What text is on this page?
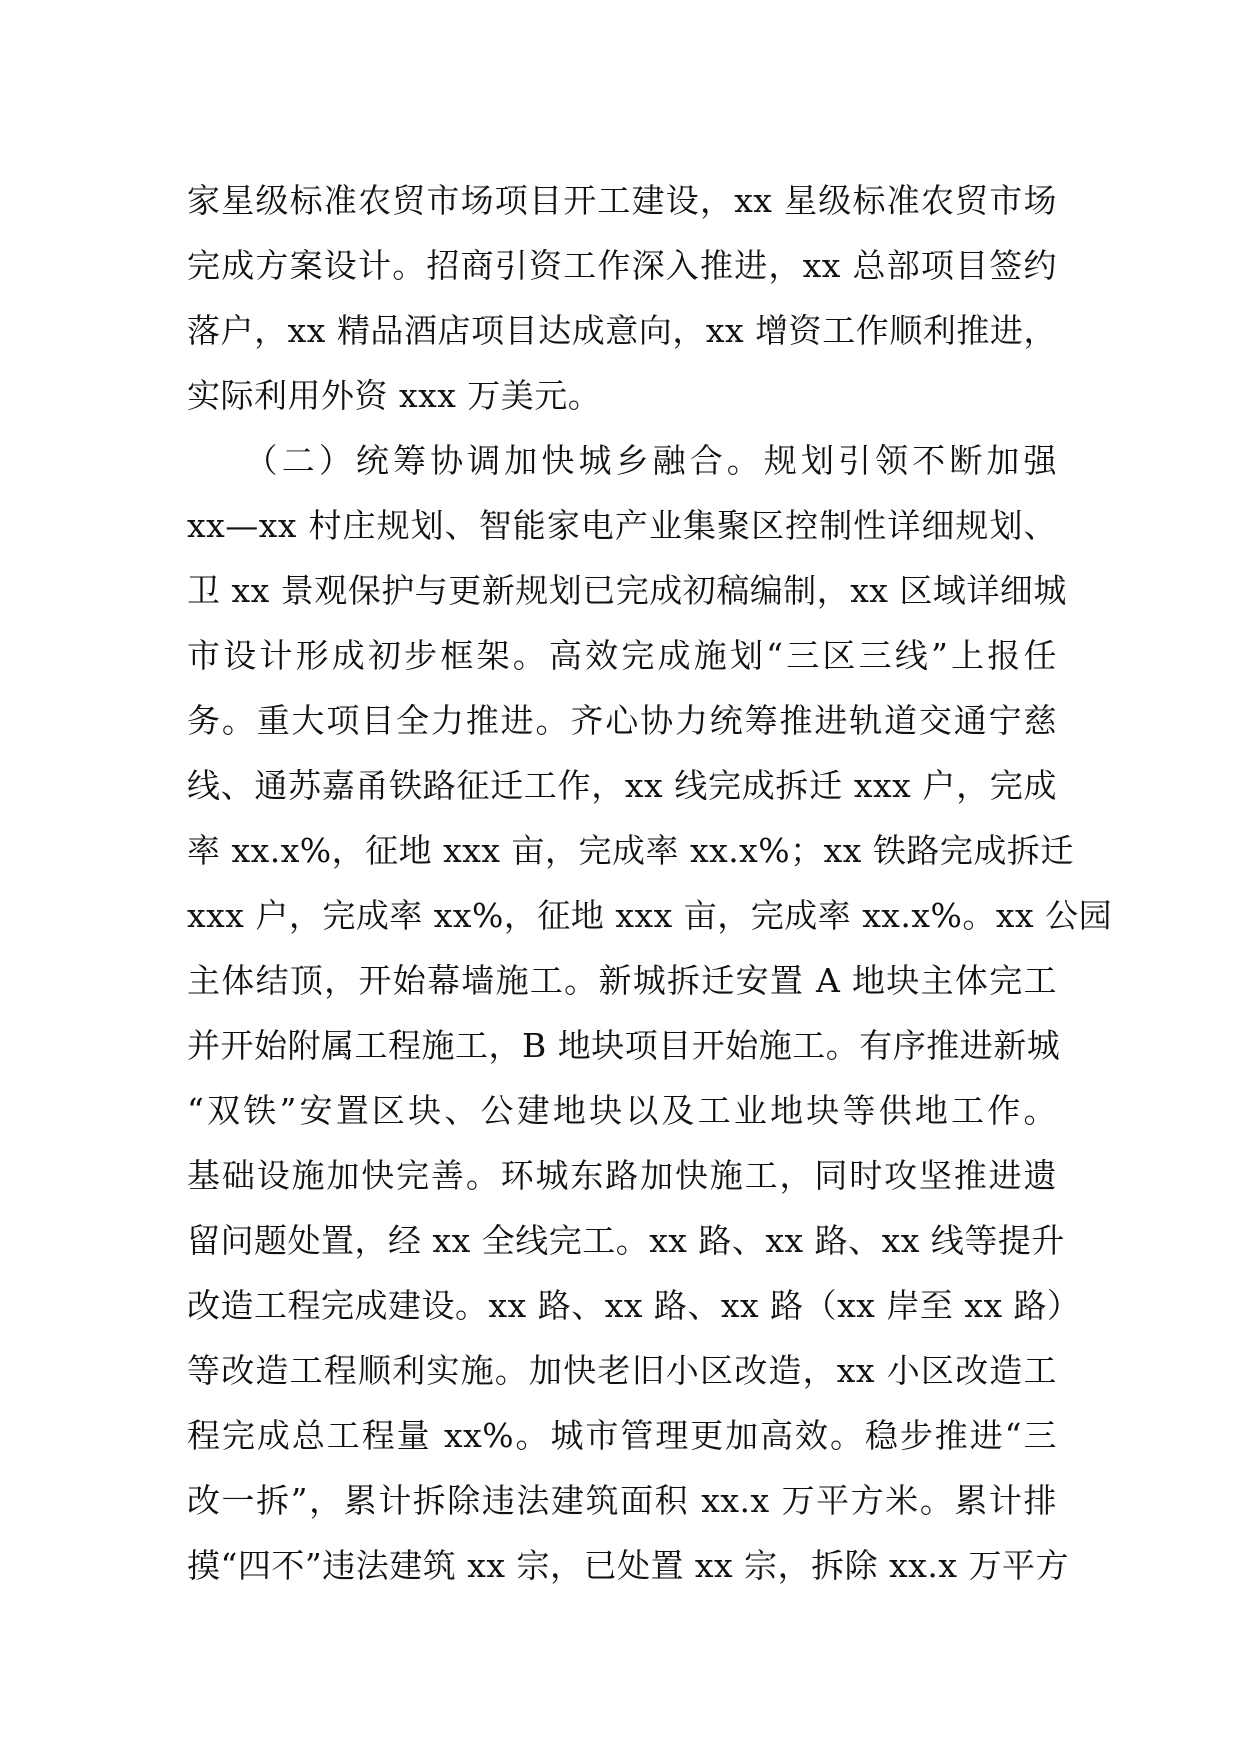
家星级标准农贸市场项目开工建设，xx 星级标准农贸市场
完成方案设计。招商引资工作深入推进，xx 总部项目签约
落户，xx 精品酒店项目达成意向，xx 增资工作顺利推进，
实际利用外资 xxx 万美元。
　　（二）统筹协调加快城乡融合。规划引领不断加强
xx—xx 村庄规划、智能家电产业集聚区控制性详细规划、
卫 xx 景观保护与更新规划已完成初稿编制，xx 区域详细城
市设计形成初步框架。高效完成施划“三区三线”上报任
务。重大项目全力推进。齐心协力统筹推进轨道交通宁慈
线、通苏嘉甬铁路征迁工作，xx 线完成拆迁 xxx 户，完成
率 xx.x%，征地 xxx 亩，完成率 xx.x%；xx 铁路完成拆迁
xxx 户，完成率 xx%，征地 xxx 亩，完成率 xx.x%。xx 公园
主体结顶，开始幕墙施工。新城拆迁安置 A 地块主体完工
并开始附属工程施工，B 地块项目开始施工。有序推进新城
“双铁”安置区块、公建地块以及工业地块等供地工作。
基础设施加快完善。环城东路加快施工，同时攻坚推进遗
留问题处置，经 xx 全线完工。xx 路、xx 路、xx 线等提升
改造工程完成建设。xx 路、xx 路、xx 路（xx 岸至 xx 路）
等改造工程顺利实施。加快老旧小区改造，xx 小区改造工
程完成总工程量 xx%。城市管理更加高效。稳步推进“三
改一拆”，累计拆除违法建筑面积 xx.x 万平方米。累计排
摸“四不”违法建筑 xx 宗，已处置 xx 宗，拆除 xx.x 万平方
